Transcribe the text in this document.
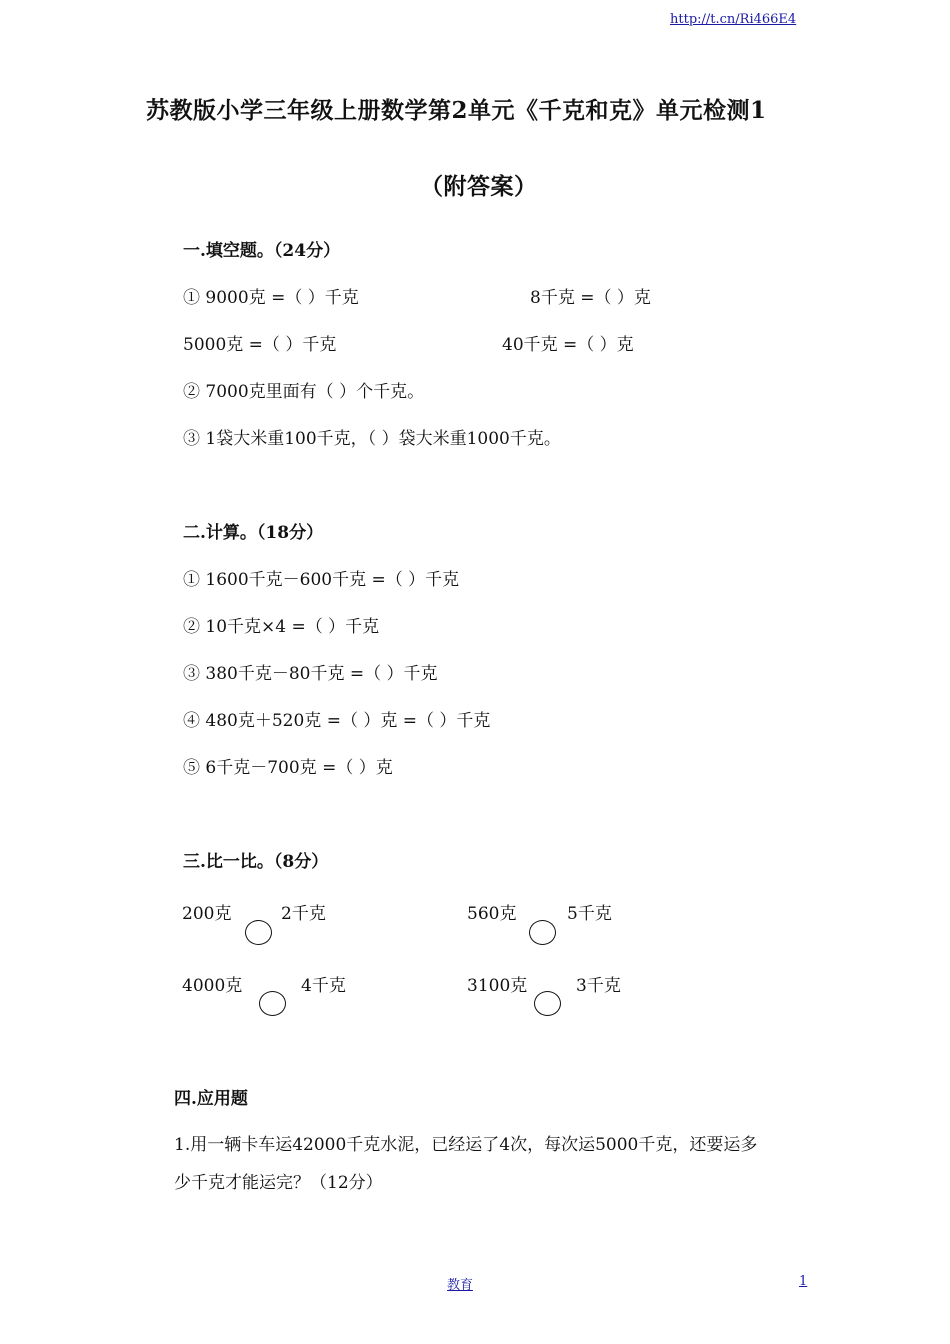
http://t.cn/Ri466E4
苏教版小学三年级上册数学第2单元《千克和克》单元检测1
（附答案）
一.填空题。（24分）
① 9000克 =（ ）千克	8千克 =（ ）克
5000克 =（ ）千克	40千克 =（ ）克
② 7000克里面有（ ）个千克。
③ 1袋大米重100千克，（ ）袋大米重1000千克。
二.计算。（18分）
① 1600千克－600千克 =（ ）千克
② 10千克×4 =（ ）千克
③ 380千克－80千克 =（ ）千克
④ 480克＋520克 =（ ）克 =（ ）千克
⑤ 6千克－700克 =（ ）克
三.比一比。（8分）
200克	2千克	560克	5千克
4000克	4千克	3100克	3千克
四.应用题
1.用一辆卡车运42000千克水泥，已经运了4次，每次运5000千克，还要运多
少千克才能运完？（12分）
教育	1
